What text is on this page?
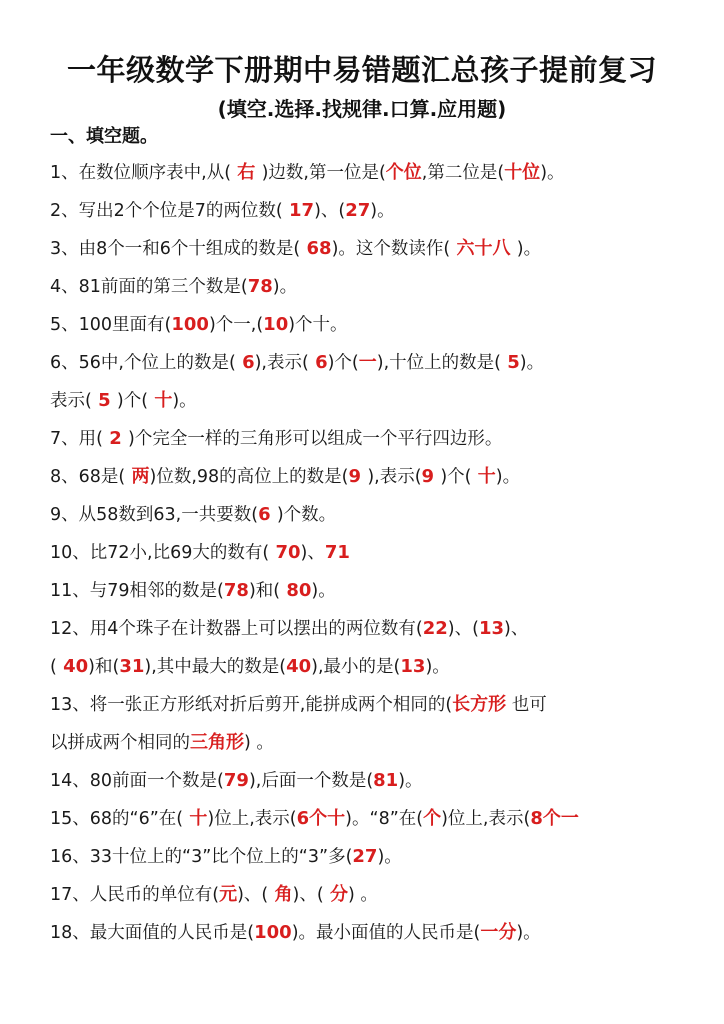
一年级数学下册期中易错题汇总孩子提前复习
(填空.选择.找规律.口算.应用题)
一、填空题。
1、在数位顺序表中,从( 右 )边数,第一位是(个位,第二位是(十位)。
2、写出2个个位是7的两位数( 17)、(27)。
3、由8个一和6个十组成的数是( 68)。这个数读作( 六十八 )。
4、81前面的第三个数是(78)。
5、100里面有(100)个一,(10)个十。
6、56中,个位上的数是( 6),表示( 6)个(一),十位上的数是( 5)。
表示( 5 )个( 十)。
7、用( 2 )个完全一样的三角形可以组成一个平行四边形。
8、68是( 两)位数,98的高位上的数是(9 ),表示(9 )个( 十)。
9、从58数到63,一共要数(6 )个数。
10、比72小,比69大的数有( 70)、71
11、与79相邻的数是(78)和( 80)。
12、用4个珠子在计数器上可以摆出的两位数有(22)、(13)、
( 40)和(31),其中最大的数是(40),最小的是(13)。
13、将一张正方形纸对折后剪开,能拼成两个相同的(长方形 也可
以拼成两个相同的三角形) 。
14、80前面一个数是(79),后面一个数是(81)。
15、68的“6”在( 十)位上,表示(6个十)。“8”在(个)位上,表示(8个一
16、33十位上的“3”比个位上的“3”多(27)。
17、人民币的单位有(元)、( 角)、( 分) 。
18、最大面值的人民币是(100)。最小面值的人民币是(一分)。
